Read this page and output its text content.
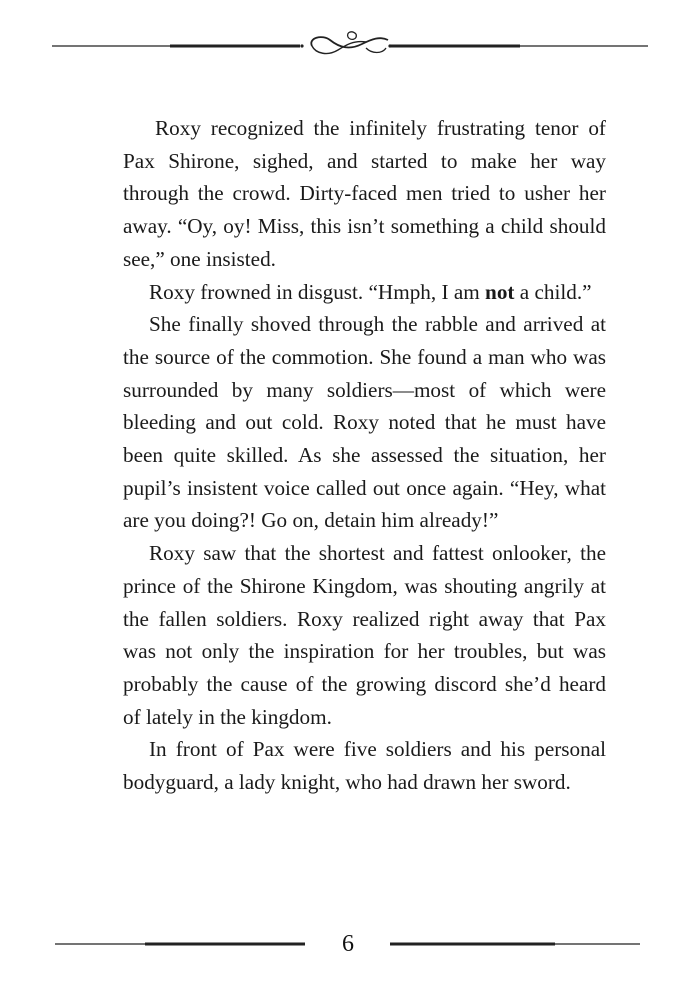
Roxy recognized the infinitely frustrating tenor of Pax Shirone, sighed, and started to make her way through the crowd. Dirty-faced men tried to usher her away. “Oy, oy! Miss, this isn’t something a child should see,” one insisted.

Roxy frowned in disgust. “Hmph, I am not a child.”

She finally shoved through the rabble and arrived at the source of the commotion. She found a man who was surrounded by many soldiers—most of which were bleeding and out cold. Roxy noted that he must have been quite skilled. As she assessed the situation, her pupil’s insistent voice called out once again. “Hey, what are you doing?! Go on, detain him already!”

Roxy saw that the shortest and fattest onlooker, the prince of the Shirone Kingdom, was shouting angrily at the fallen soldiers. Roxy realized right away that Pax was not only the inspiration for her troubles, but was probably the cause of the growing discord she’d heard of lately in the kingdom.

In front of Pax were five soldiers and his personal bodyguard, a lady knight, who had drawn her sword.

6
